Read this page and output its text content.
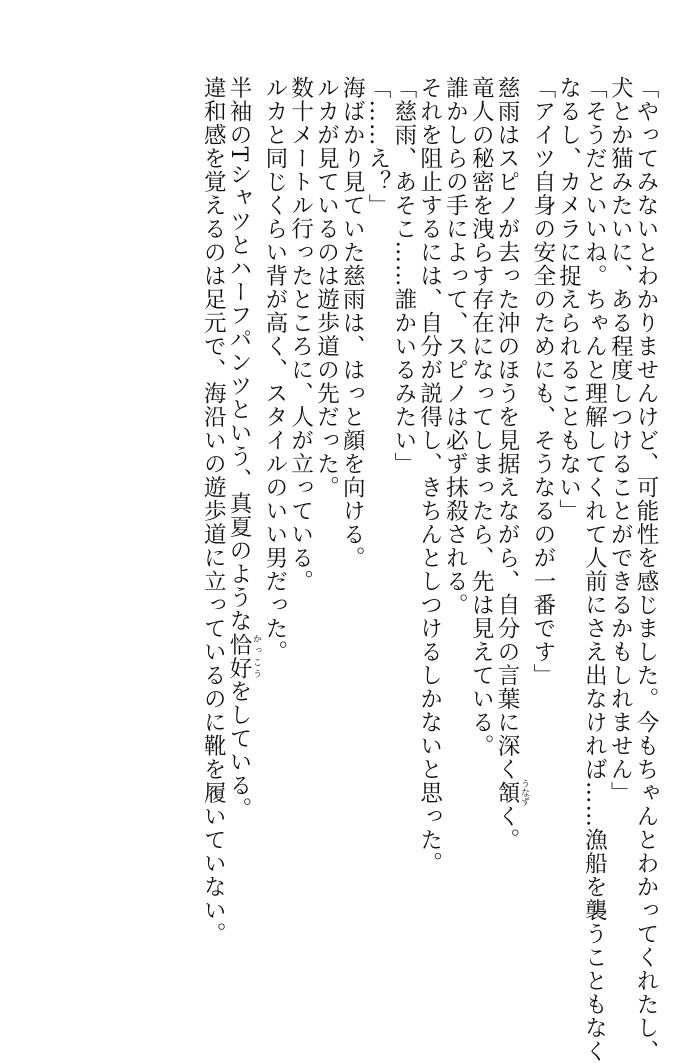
「やってみないとわかりませんけど、可能性を感じました。今もちゃんとわかってくれたし、
犬とか猫みたいに、ある程度しつけることができるかもしれません」
「そうだといいね。ちゃんと理解してくれて人前にさえ出なければ……漁船を襲うこともなく
なるし、カメラに捉えられることもない」
「アイツ自身の安全のためにも、そうなるのが一番です」
慈雨はスピノが去った沖のほうを見据えながら、自分の言葉に深く頷 うなずく。
竜人の秘密を洩らす存在になってしまったら、先は見えている。
誰かしらの手によって、スピノは必ず抹殺される。
それを阻止するには、自分が説得し、きちんとしつけるしかないと思った。
「慈雨、あそこ……誰かいるみたい」
「……え？」
海ばかり見ていた慈雨は、はっと顔を向ける。
ルカが見ているのは遊歩道の先だった。
数十メートル行ったところに、人が立っている。
ルカと同じくらい背が高く、スタイルのいい男だった。
半袖のTシャツとハーフパンツという、真夏のような恰好 かっこうをしている。
違和感を覚えるのは足元で、海沿いの遊歩道に立っているのに靴を履いていない。
